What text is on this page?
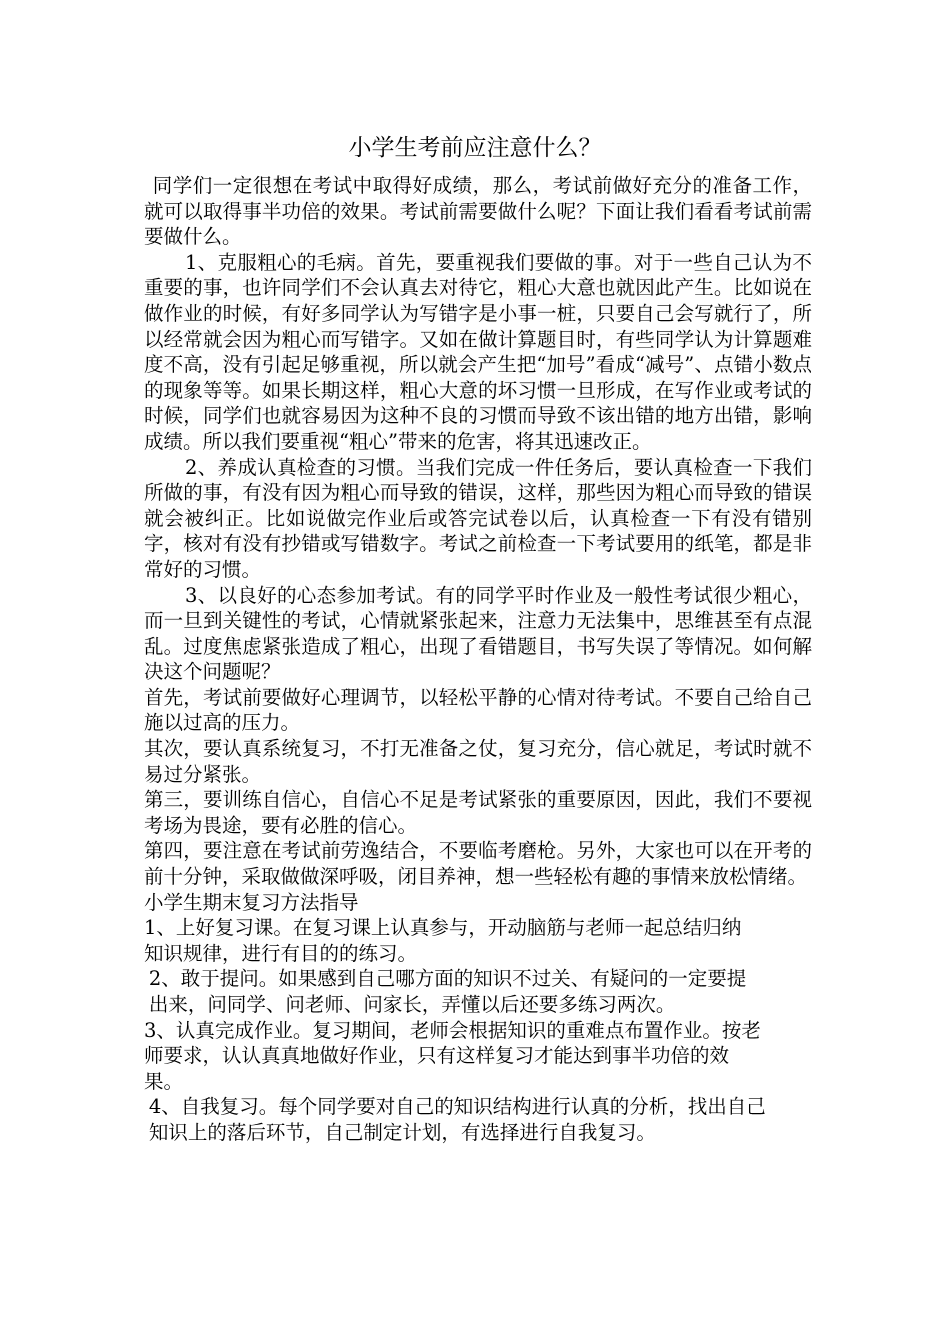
小学生考前应注意什么？

同学们一定很想在考试中取得好成绩，那么，考试前做好充分的准备工作，就可以取得事半功倍的效果。考试前需要做什么呢？下面让我们看看考试前需要做什么。

1、克服粗心的毛病。首先，要重视我们要做的事。对于一些自己认为不重要的事，也许同学们不会认真去对待它，粗心大意也就因此产生。比如说在做作业的时候，有好多同学认为写错字是小事一桩，只要自己会写就行了，所以经常就会因为粗心而写错字。又如在做计算题目时，有些同学认为计算题难度不高，没有引起足够重视，所以就会产生把“加号”看成“减号”、点错小数点的现象等等。如果长期这样，粗心大意的坏习惯一旦形成，在写作业或考试的时候，同学们也就容易因为这种不良的习惯而导致不该出错的地方出错，影响成绩。所以我们要重视“粗心”带来的危害，将其迅速改正。

2、养成认真检查的习惯。当我们完成一件任务后，要认真检查一下我们所做的事，有没有因为粗心而导致的错误，这样，那些因为粗心而导致的错误就会被纠正。比如说做完作业后或答完试卷以后，认真检查一下有没有错别字，核对有没有抄错或写错数字。考试之前检查一下考试要用的纸笔，都是非常好的习惯。

3、以良好的心态参加考试。有的同学平时作业及一般性考试很少粗心，而一旦到关键性的考试，心情就紧张起来，注意力无法集中，思维甚至有点混乱。过度焦虑紧张造成了粗心，出现了看错题目，书写失误了等情况。如何解决这个问题呢？

首先，考试前要做好心理调节，以轻松平静的心情对待考试。不要自己给自己施以过高的压力。

其次，要认真系统复习，不打无准备之仗，复习充分，信心就足，考试时就不易过分紧张。

第三，要训练自信心，自信心不足是考试紧张的重要原因，因此，我们不要视考场为畏途，要有必胜的信心。

第四，要注意在考试前劳逸结合，不要临考磨枪。另外，大家也可以在开考的前十分钟，采取做做深呼吸，闭目养神，想一些轻松有趣的事情来放松情绪。

小学生期末复习方法指导

1、上好复习课。在复习课上认真参与，开动脑筋与老师一起总结归纳知识规律，进行有目的的练习。

2、敢于提问。如果感到自己哪方面的知识不过关、有疑问的一定要提出来，问同学、问老师、问家长，弄懂以后还要多练习两次。

3、认真完成作业。复习期间，老师会根据知识的重难点布置作业。按老师要求，认认真真地做好作业，只有这样复习才能达到事半功倍的效果。

4、自我复习。每个同学要对自己的知识结构进行认真的分析，找出自己知识上的落后环节，自己制定计划，有选择进行自我复习。
